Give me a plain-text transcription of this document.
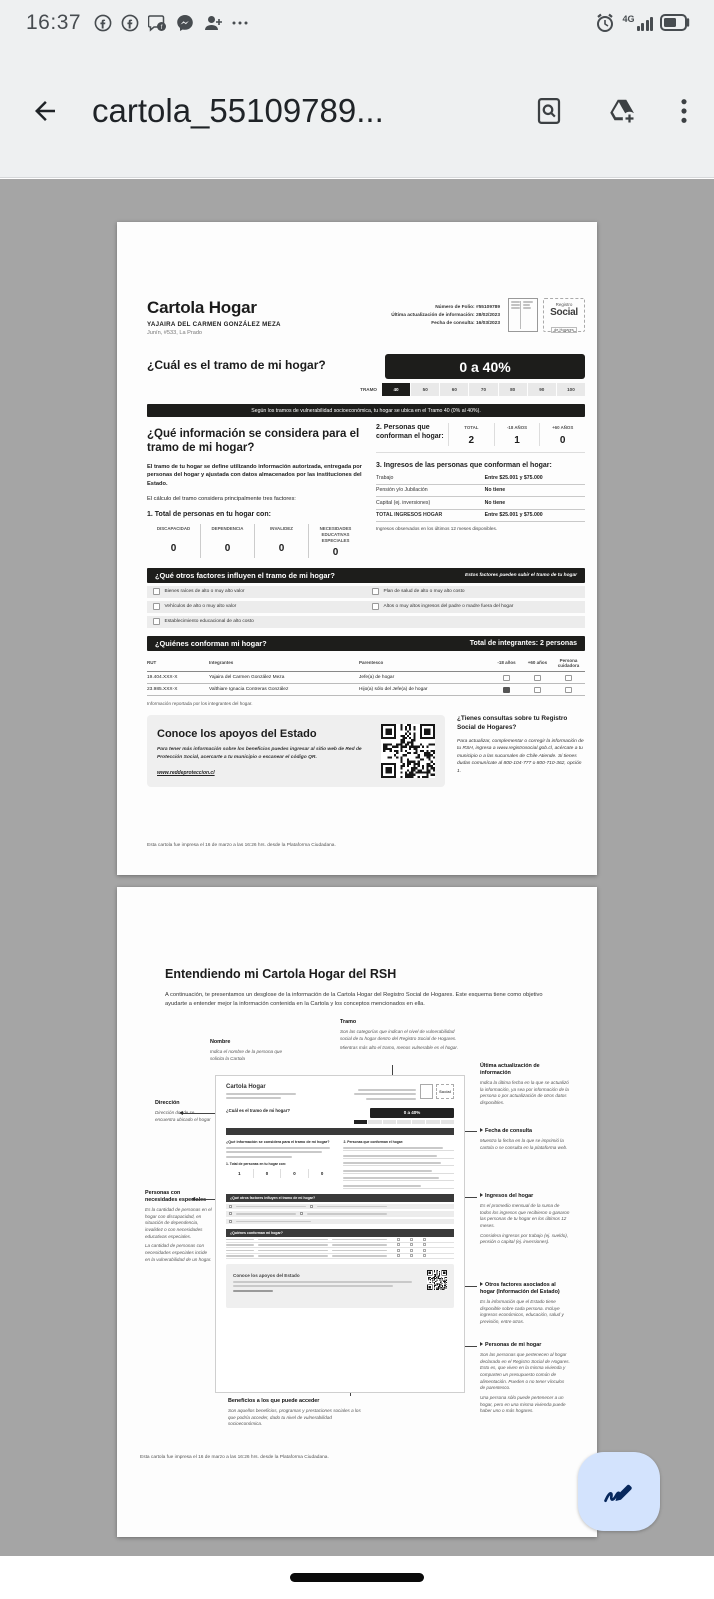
16:37	f
4G
cartola_55109789...
Cartola Hogar
YAJAIRA DEL CARMEN GONZÁLEZ MEZA
Junín, #533, La Prado
Número de Folio: #55109789
Última actualización de información: 28/02/2023
Fecha de consulta: 16/03/2023
Registro
Social
de Hogares
¿Cuál es el tramo de mi hogar?	0 a 40%
TRAMO	40	50	60	70	80	90	100
Según los tramos de vulnerabilidad socioeconómica, tu hogar se ubica en el Tramo 40 (0% al 40%).
¿Qué información se considera para el tramo de mi hogar?
El tramo de tu hogar se define utilizando información autorizada, entregada por personas del hogar y ajustada con datos almacenados por las instituciones del Estado.
El cálculo del tramo considera principalmente tres factores:
1. Total de personas en tu hogar con:
DISCAPACIDAD
0
DEPENDENCIA
0
INVALIDEZ
0
NECESIDADES EDUCATIVAS ESPECIALES
0
2. Personas que conforman el hogar:
TOTAL
2
-18 AÑOS
1
+60 AÑOS
0
3. Ingresos de las personas que conforman el hogar:
Trabajo	Entre $25.001 y $75.000
Pensión y/o Jubilación	No tiene
Capital (ej. inversiones)	No tiene
TOTAL INGRESOS HOGAR	Entre $25.001 y $75.000
Ingresos observados en los últimos 12 meses disponibles.
¿Qué otros factores influyen el tramo de mi hogar?	Estos factores pueden subir el tramo de tu hogar
Bienes raíces de alto o muy alto valor	Plan de salud de alto o muy alto costo
Vehículos de alto o muy alto valor	Altos o muy altos ingresos del padre o madre fuera del hogar
Establecimiento educacional de alto costo
¿Quiénes conforman mi hogar?	Total de integrantes: 2 personas
RUT	Integrantes	Parentesco	-18 años	+60 años
Persona cuidadora
19.404.XXX-X	Yajaira del Carmen González Meza	Jefe(a) de hogar
23.985.XXX-X	Valthiare Ignacia Contreras González	Hijo(a) sólo del Jefe(a) de hogar
Información reportada por los integrantes del hogar.
Conoce los apoyos del Estado
Para tener más información sobre los beneficios puedes ingresar al sitio web de Red de Protección Social, acercarte a tu municipio o escanear el código QR.
www.reddeproteccion.cl
¿Tienes consultas sobre tu Registro Social de Hogares?
Para actualizar, complementar o corregir la información de tu RSH, ingresa a www.registrosocial.gob.cl, acércate a tu municipio o a las sucursales de Chile Atiende. Si tienes dudas comunícate al 800-104-777 o 800-710-362, opción 1.
Esta cartola fue impresa el 16 de marzo a las 16:26 hrs. desde la Plataforma Ciudadana.
Entendiendo mi Cartola Hogar del RSH
A continuación, te presentamos un desglose de la información de la Cartola Hogar del Registro Social de Hogares. Este esquema tiene como objetivo ayudarte a entender mejor la información contenida en la Cartola y los conceptos mencionados en ella.
Nombre
Indica el nombre de la persona que solicita la Cartola
Tramo
Son las categorías que indican el nivel de vulnerabilidad social de tu hogar dentro del Registro Social de Hogares.
Mientras más alto el tramo, menos vulnerable es el hogar.
Dirección
Dirección donde se encuentra ubicado el hogar
Última actualización de información
Indica la última fecha en la que se actualizó la información, ya sea por información de la persona o por actualización de otros datos disponibles.
Fecha de consulta
Muestra la fecha en la que se imprimió la cartola o se consulta en la plataforma web.
Personas con necesidades especiales
Es la cantidad de personas en el hogar con discapacidad, en situación de dependencia, invalidez o con necesidades educativas especiales.
La cantidad de personas con necesidades especiales incide en la vulnerabilidad de un hogar.
Ingresos del hogar
Es el promedio mensual de la suma de todos los ingresos que recibieron o ganaron las personas de tu hogar en los últimos 12 meses.
Considera ingresos por trabajo (ej. sueldo), pensión o capital (ej. inversiones).
Otros factores asociados al hogar (Información del Estado)
Es la información que el Estado tiene disponible sobre cada persona. Incluye ingresos económicos, educación, salud y previsión, entre otras.
Personas de mi hogar
Son las personas que pertenecen al hogar declarado en el Registro Social de Hogares. Esto es, que viven en la misma vivienda y comparten un presupuesto común de alimentación. Pueden o no tener vínculos de parentesco.
Una persona sólo puede pertenecer a un hogar, pero en una misma vivienda puede haber uno o más hogares.
Beneficios a los que puede acceder
Son aquellos beneficios, programas y prestaciones sociales a los que podría acceder, dado tu nivel de vulnerabilidad socioeconómica.
Cartola Hogar
Social
¿Cuál es el tramo de mi hogar?	0 a 40%
¿Qué información se considera para el tramo de mi hogar?
1. Total de personas en tu hogar con:
1	0	0	0
2. Personas que conforman el hogar:
¿Qué otros factores influyen el tramo de mi hogar?
¿Quiénes conforman mi hogar?
Conoce los apoyos del Estado
Esta cartola fue impresa el 16 de marzo a las 16:26 hrs. desde la Plataforma Ciudadana.
